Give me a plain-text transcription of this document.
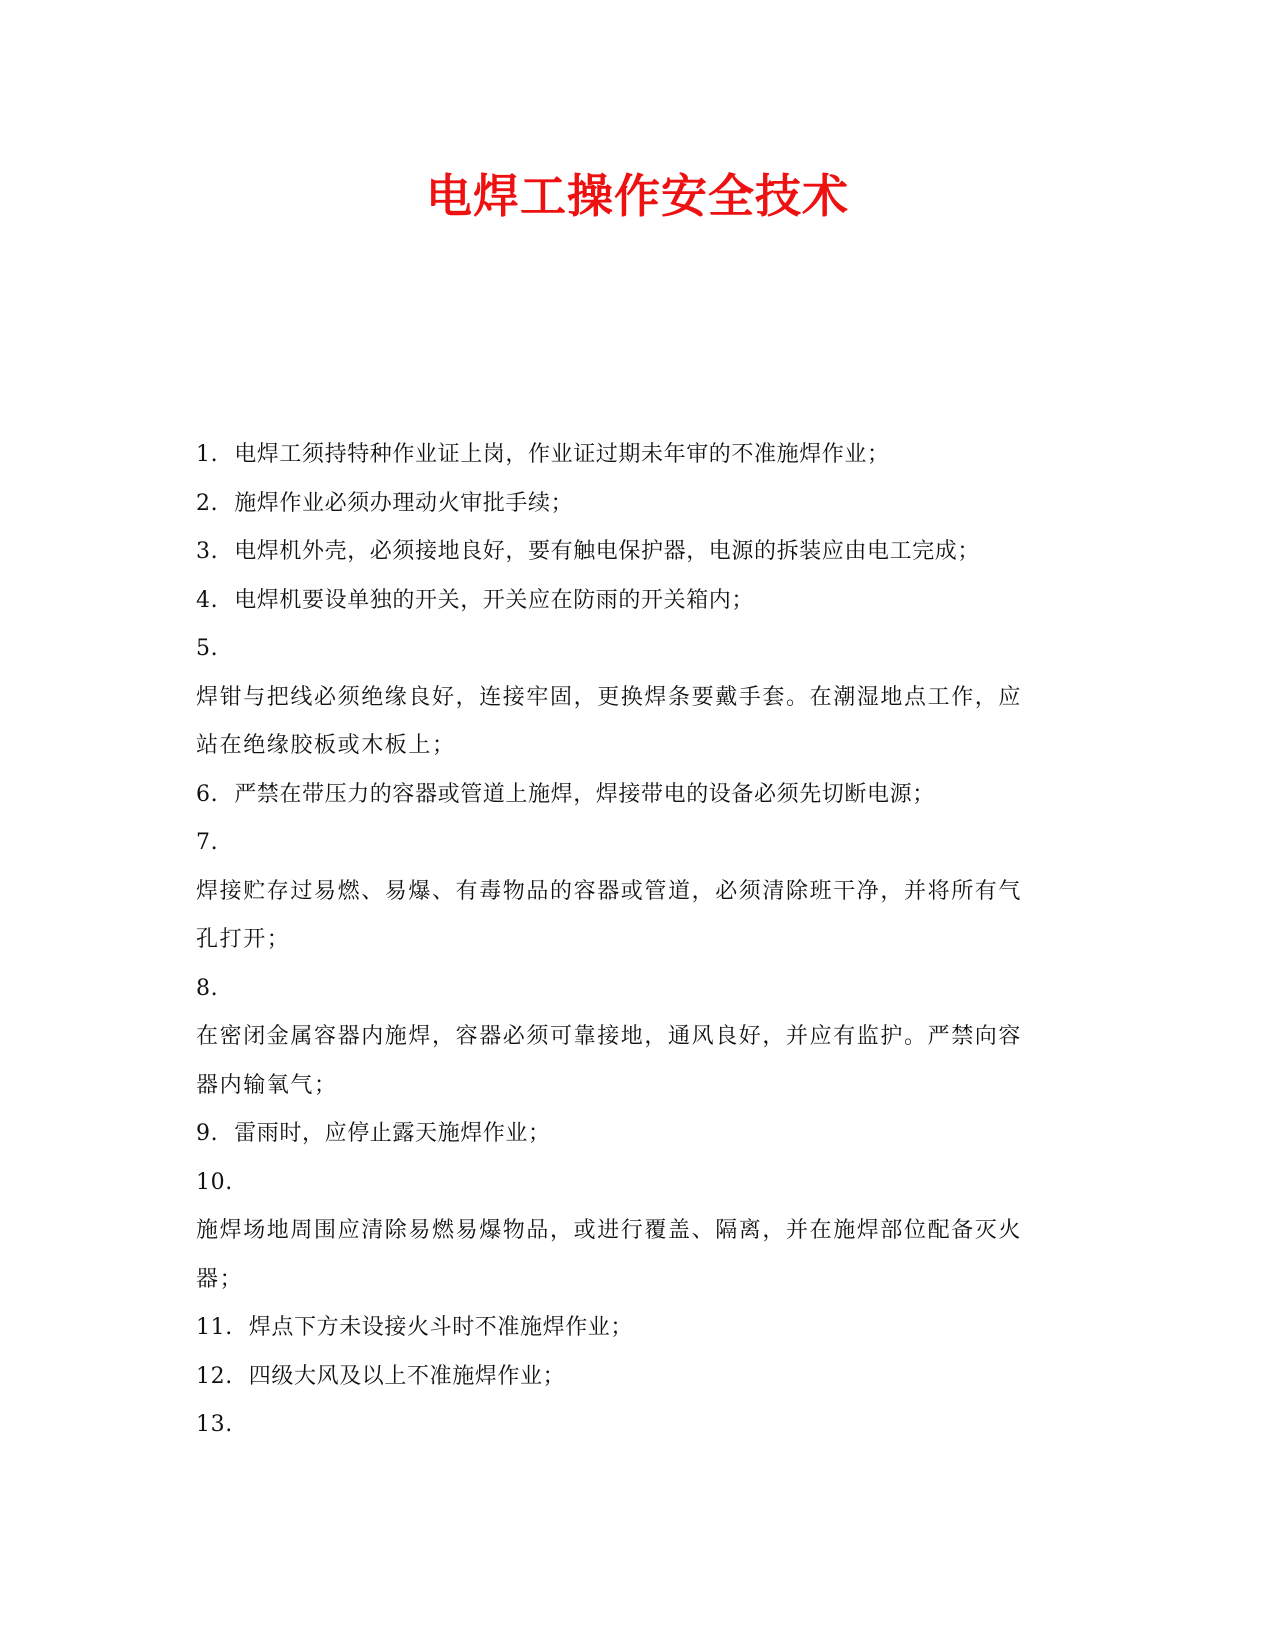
电焊工操作安全技术
1. 电焊工须持特种作业证上岗，作业证过期未年审的不准施焊作业；
2. 施焊作业必须办理动火审批手续；
3. 电焊机外壳，必须接地良好，要有触电保护器，电源的拆装应由电工完成；
4. 电焊机要设单独的开关，开关应在防雨的开关箱内；
5.
焊钳与把线必须绝缘良好，连接牢固，更换焊条要戴手套。在潮湿地点工作，应
站在绝缘胶板或木板上；
6. 严禁在带压力的容器或管道上施焊，焊接带电的设备必须先切断电源；
7.
焊接贮存过易燃、易爆、有毒物品的容器或管道，必须清除班干净，并将所有气
孔打开；
8.
在密闭金属容器内施焊，容器必须可靠接地，通风良好，并应有监护。严禁向容
器内输氧气；
9. 雷雨时，应停止露天施焊作业；
10.
施焊场地周围应清除易燃易爆物品，或进行覆盖、隔离，并在施焊部位配备灭火
器；
11. 焊点下方未设接火斗时不准施焊作业；
12. 四级大风及以上不准施焊作业；
13.
